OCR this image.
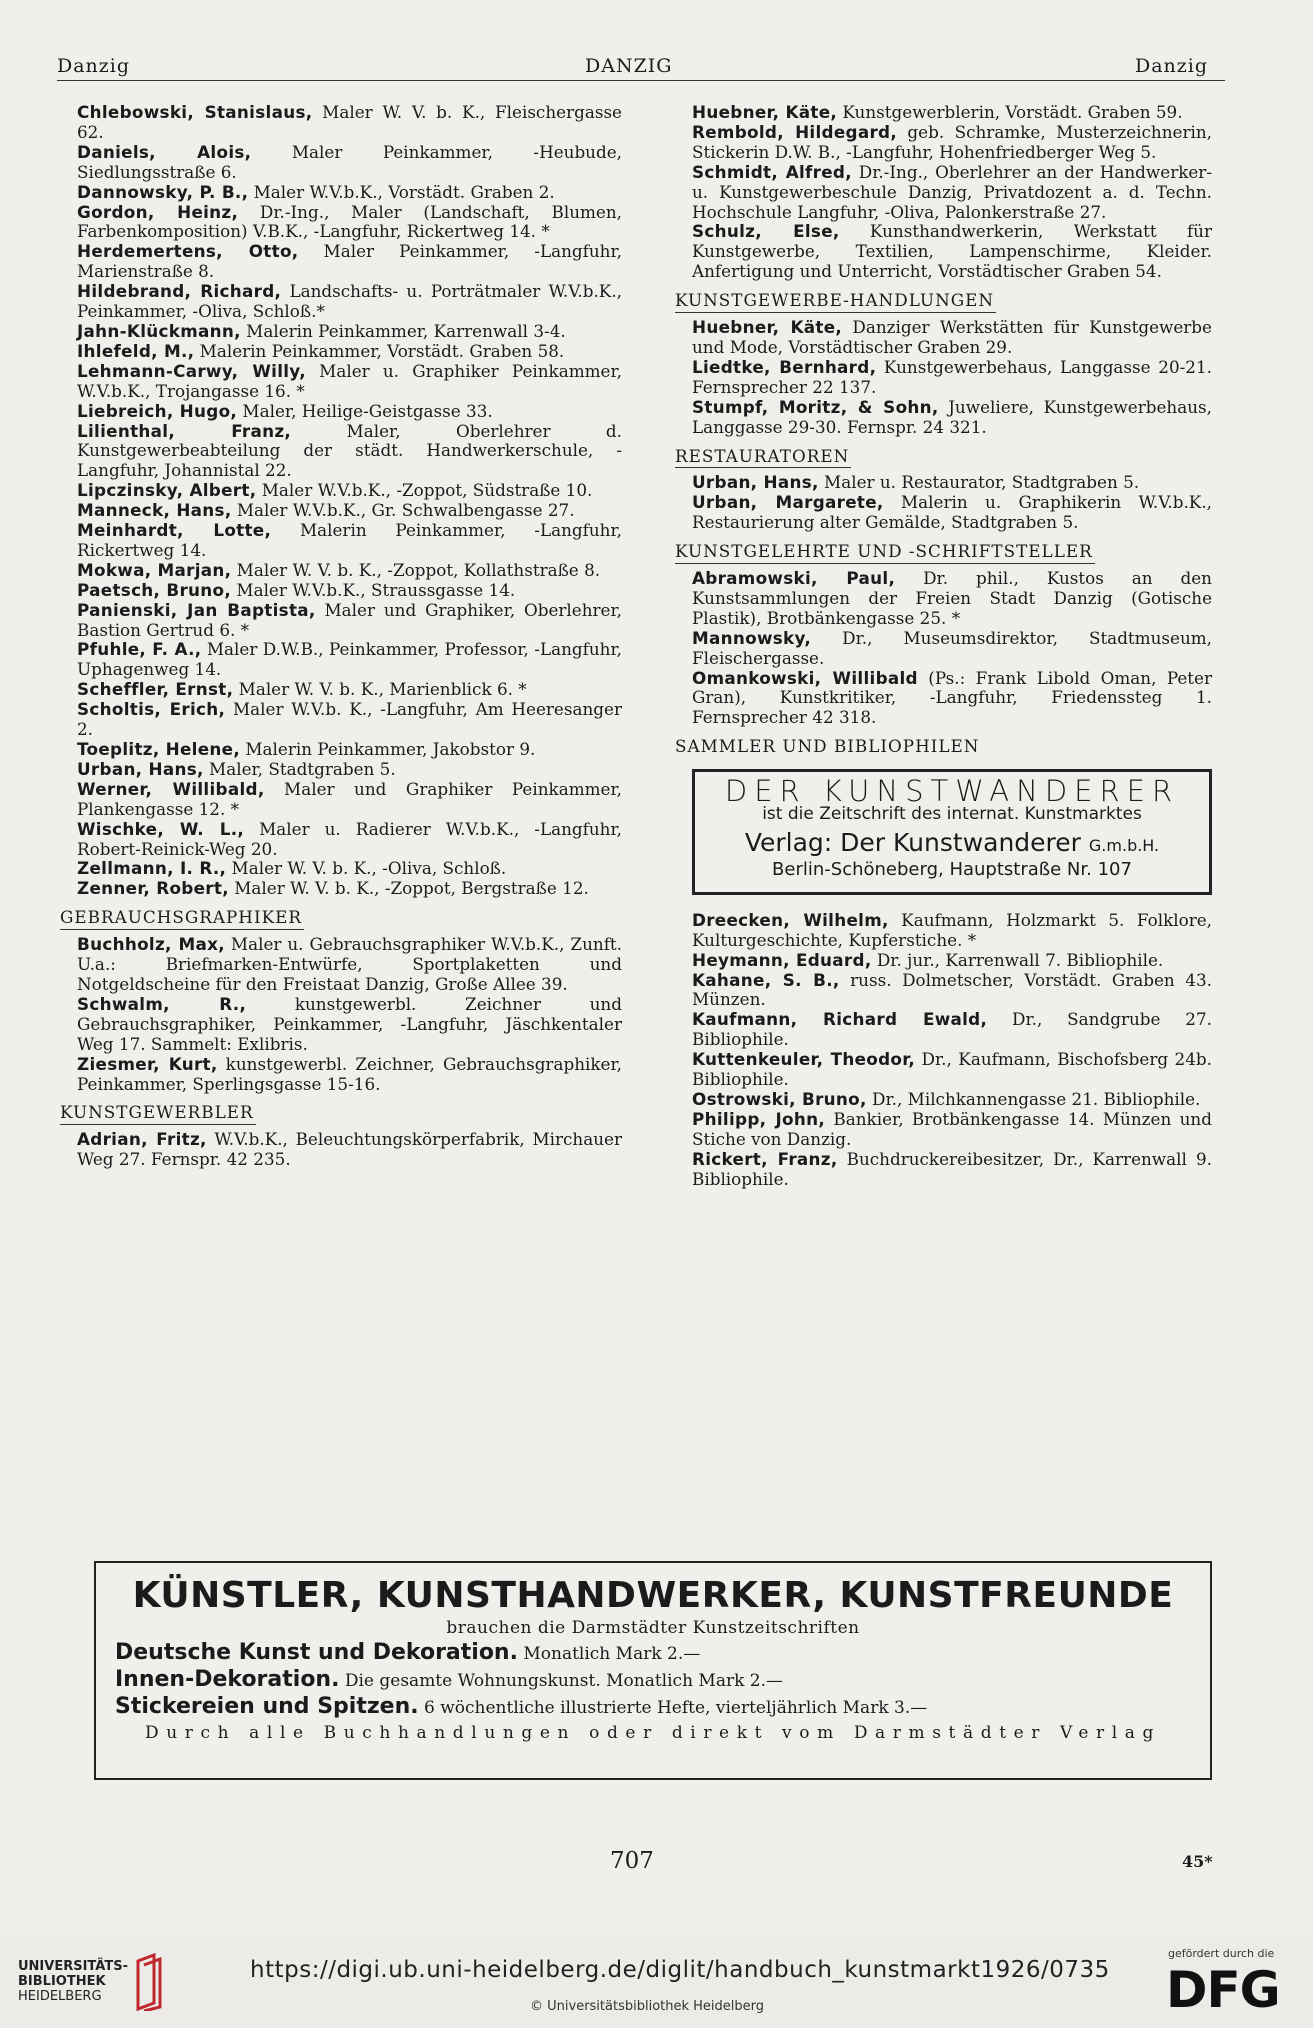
Danzig	DANZIG	Danzig

Chlebowski, Stanislaus, Maler W. V. b. K., Fleischergasse 62.

Daniels, Alois, Maler Peinkammer, -Heubude, Siedlungsstraße 6.

Dannowsky, P. B., Maler W.V.b.K., Vorstädt. Graben 2.

Gordon, Heinz, Dr.-Ing., Maler (Landschaft, Blumen, Farbenkomposition) V.B.K., -Langfuhr, Rickertweg 14. *

Herdemertens, Otto, Maler Peinkammer, -Langfuhr, Marienstraße 8.

Hildebrand, Richard, Landschafts- u. Porträtmaler W.V.b.K., Peinkammer, -Oliva, Schloß.*

Jahn-Klückmann, Malerin Peinkammer, Karrenwall 3-4.

Ihlefeld, M., Malerin Peinkammer, Vorstädt. Graben 58.

Lehmann-Carwy, Willy, Maler u. Graphiker Peinkammer, W.V.b.K., Trojangasse 16. *

Liebreich, Hugo, Maler, Heilige-Geistgasse 33.

Lilienthal, Franz, Maler, Oberlehrer d. Kunstgewerbeabteilung der städt. Handwerkerschule, -Langfuhr, Johannistal 22.

Lipczinsky, Albert, Maler W.V.b.K., -Zoppot, Südstraße 10.

Manneck, Hans, Maler W.V.b.K., Gr. Schwalbengasse 27.

Meinhardt, Lotte, Malerin Peinkammer, -Langfuhr, Rickertweg 14.

Mokwa, Marjan, Maler W. V. b. K., -Zoppot, Kollathstraße 8.

Paetsch, Bruno, Maler W.V.b.K., Straussgasse 14.

Panienski, Jan Baptista, Maler und Graphiker, Oberlehrer, Bastion Gertrud 6. *

Pfuhle, F. A., Maler D.W.B., Peinkammer, Professor, -Langfuhr, Uphagenweg 14.

Scheffler, Ernst, Maler W. V. b. K., Marienblick 6. *

Scholtis, Erich, Maler W.V.b. K., -Langfuhr, Am Heeresanger 2.

Toeplitz, Helene, Malerin Peinkammer, Jakobstor 9.

Urban, Hans, Maler, Stadtgraben 5.

Werner, Willibald, Maler und Graphiker Peinkammer, Plankengasse 12. *

Wischke, W. L., Maler u. Radierer W.V.b.K., -Langfuhr, Robert-Reinick-Weg 20.

Zellmann, I. R., Maler W. V. b. K., -Oliva, Schloß.

Zenner, Robert, Maler W. V. b. K., -Zoppot, Bergstraße 12.

GEBRAUCHSGRAPHIKER

Buchholz, Max, Maler u. Gebrauchsgraphiker W.V.b.K., Zunft. U.a.: Briefmarken-Entwürfe, Sportplaketten und Notgeldscheine für den Freistaat Danzig, Große Allee 39.

Schwalm, R., kunstgewerbl. Zeichner und Gebrauchsgraphiker, Peinkammer, -Langfuhr, Jäschkentaler Weg 17. Sammelt: Exlibris.

Ziesmer, Kurt, kunstgewerbl. Zeichner, Gebrauchsgraphiker, Peinkammer, Sperlingsgasse 15-16.

KUNSTGEWERBLER

Adrian, Fritz, W.V.b.K., Beleuchtungskörperfabrik, Mirchauer Weg 27. Fernspr. 42 235.

Huebner, Käte, Kunstgewerblerin, Vorstädt. Graben 59.

Rembold, Hildegard, geb. Schramke, Musterzeichnerin, Stickerin D.W. B., -Langfuhr, Hohenfriedberger Weg 5.

Schmidt, Alfred, Dr.-Ing., Oberlehrer an der Handwerker- u. Kunstgewerbeschule Danzig, Privatdozent a. d. Techn. Hochschule Langfuhr, -Oliva, Palonkerstraße 27.

Schulz, Else, Kunsthandwerkerin, Werkstatt für Kunstgewerbe, Textilien, Lampenschirme, Kleider. Anfertigung und Unterricht, Vorstädtischer Graben 54.

KUNSTGEWERBE-HANDLUNGEN

Huebner, Käte, Danziger Werkstätten für Kunstgewerbe und Mode, Vorstädtischer Graben 29.

Liedtke, Bernhard, Kunstgewerbehaus, Langgasse 20-21. Fernsprecher 22 137.

Stumpf, Moritz, & Sohn, Juweliere, Kunstgewerbehaus, Langgasse 29-30. Fernspr. 24 321.

RESTAURATOREN

Urban, Hans, Maler u. Restaurator, Stadtgraben 5.

Urban, Margarete, Malerin u. Graphikerin W.V.b.K., Restaurierung alter Gemälde, Stadtgraben 5.

KUNSTGELEHRTE UND -SCHRIFTSTELLER

Abramowski, Paul, Dr. phil., Kustos an den Kunstsammlungen der Freien Stadt Danzig (Gotische Plastik), Brotbänkengasse 25. *

Mannowsky, Dr., Museumsdirektor, Stadtmuseum, Fleischergasse.

Omankowski, Willibald (Ps.: Frank Libold Oman, Peter Gran), Kunstkritiker, -Langfuhr, Friedenssteg 1. Fernsprecher 42 318.

SAMMLER UND BIBLIOPHILEN
DER KUNSTWANDERER
ist die Zeitschrift des internat. Kunstmarktes
Verlag: Der Kunstwanderer G.m.b.H.
Berlin-Schöneberg, Hauptstraße Nr. 107

Dreecken, Wilhelm, Kaufmann, Holzmarkt 5. Folklore, Kulturgeschichte, Kupferstiche. *

Heymann, Eduard, Dr. jur., Karrenwall 7. Bibliophile.

Kahane, S. B., russ. Dolmetscher, Vorstädt. Graben 43. Münzen.

Kaufmann, Richard Ewald, Dr., Sandgrube 27. Bibliophile.

Kuttenkeuler, Theodor, Dr., Kaufmann, Bischofsberg 24b. Bibliophile.

Ostrowski, Bruno, Dr., Milchkannengasse 21. Bibliophile.

Philipp, John, Bankier, Brotbänkengasse 14. Münzen und Stiche von Danzig.

Rickert, Franz, Buchdruckereibesitzer, Dr., Karrenwall 9. Bibliophile.

KÜNSTLER, KUNSTHANDWERKER, KUNSTFREUNDE
brauchen die Darmstädter Kunstzeitschriften
Deutsche Kunst und Dekoration. Monatlich Mark 2.—
Innen-Dekoration. Die gesamte Wohnungskunst. Monatlich Mark 2.—
Stickereien und Spitzen. 6 wöchentliche illustrierte Hefte, vierteljährlich Mark 3.—
Durch alle Buchhandlungen oder direkt vom Darmstädter Verlag
707	45*
UNIVERSITÄTS-
BIBLIOTHEK
HEIDELBERG
https://digi.ub.uni-heidelberg.de/diglit/handbuch_kunstmarkt1926/0735
© Universitätsbibliothek Heidelberg
gefördert durch die
DFG
